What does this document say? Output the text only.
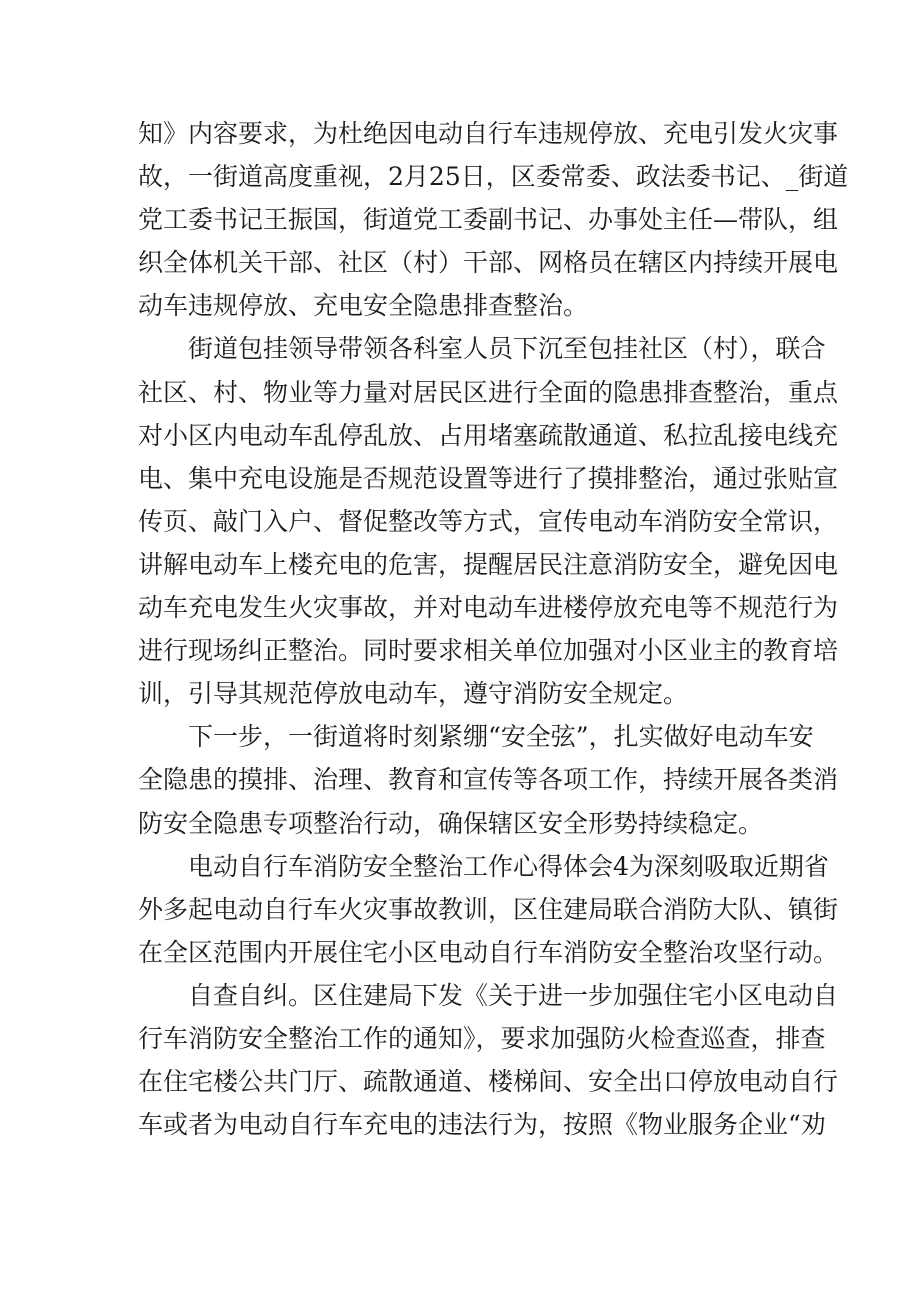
知》内容要求，为杜绝因电动自行车违规停放、充电引发火灾事
故，一街道高度重视，2月25日，区委常委、政法委书记、_街道
党工委书记王振国，街道党工委副书记、办事处主任—带队，组
织全体机关干部、社区（村）干部、网格员在辖区内持续开展电
动车违规停放、充电安全隐患排查整治。
街道包挂领导带领各科室人员下沉至包挂社区（村），联合
社区、村、物业等力量对居民区进行全面的隐患排查整治，重点
对小区内电动车乱停乱放、占用堵塞疏散通道、私拉乱接电线充
电、集中充电设施是否规范设置等进行了摸排整治，通过张贴宣
传页、敲门入户、督促整改等方式，宣传电动车消防安全常识，
讲解电动车上楼充电的危害，提醒居民注意消防安全，避免因电
动车充电发生火灾事故，并对电动车进楼停放充电等不规范行为
进行现场纠正整治。同时要求相关单位加强对小区业主的教育培
训，引导其规范停放电动车，遵守消防安全规定。
下一步，一街道将时刻紧绷“安全弦”，扎实做好电动车安
全隐患的摸排、治理、教育和宣传等各项工作，持续开展各类消
防安全隐患专项整治行动，确保辖区安全形势持续稳定。
电动自行车消防安全整治工作心得体会4为深刻吸取近期省
外多起电动自行车火灾事故教训，区住建局联合消防大队、镇街
在全区范围内开展住宅小区电动自行车消防安全整治攻坚行动。
自查自纠。区住建局下发《关于进一步加强住宅小区电动自
行车消防安全整治工作的通知》，要求加强防火检查巡查，排查
在住宅楼公共门厅、疏散通道、楼梯间、安全出口停放电动自行
车或者为电动自行车充电的违法行为，按照《物业服务企业“劝
